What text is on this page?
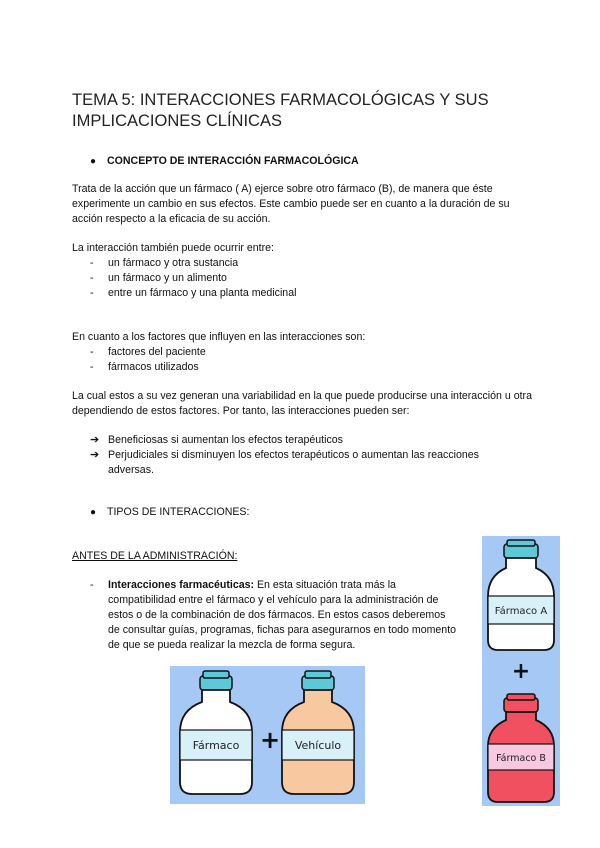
TEMA 5: INTERACCIONES FARMACOLÓGICAS Y SUS IMPLICACIONES CLÍNICAS
● CONCEPTO DE INTERACCIÓN FARMACOLÓGICA
Trata de la acción que un fármaco ( A) ejerce sobre otro fármaco (B), de manera que éste experimente un cambio en sus efectos. Este cambio puede ser en cuanto a la duración de su acción respecto a la eficacia de su acción.
La interacción también puede ocurrir entre:
- un fármaco y otra sustancia
- un fármaco y un alimento
- entre un fármaco y una planta medicinal
En cuanto a los factores que influyen en las interacciones son:
- factores del paciente
- fármacos utilizados
La cual estos a su vez generan una variabilidad en la que puede producirse una interacción u otra dependiendo de estos factores. Por tanto, las interacciones pueden ser:
➔ Beneficiosas si aumentan los efectos terapéuticos
➔ Perjudiciales si disminuyen los efectos terapéuticos o aumentan las reacciones adversas.
● TIPOS DE INTERACCIONES:
ANTES DE LA ADMINISTRACIÓN:
- Interacciones farmacéuticas: En esta situación trata más la compatibilidad entre el fármaco y el vehículo para la administración de estos o de la combinación de dos fármacos. En estos casos deberemos de consultar guías, programas, fichas para asegurarnos en todo momento de que se pueda realizar la mezcla de forma segura.
Fármaco A
+
Fármaco B
Fármaco + Vehículo
